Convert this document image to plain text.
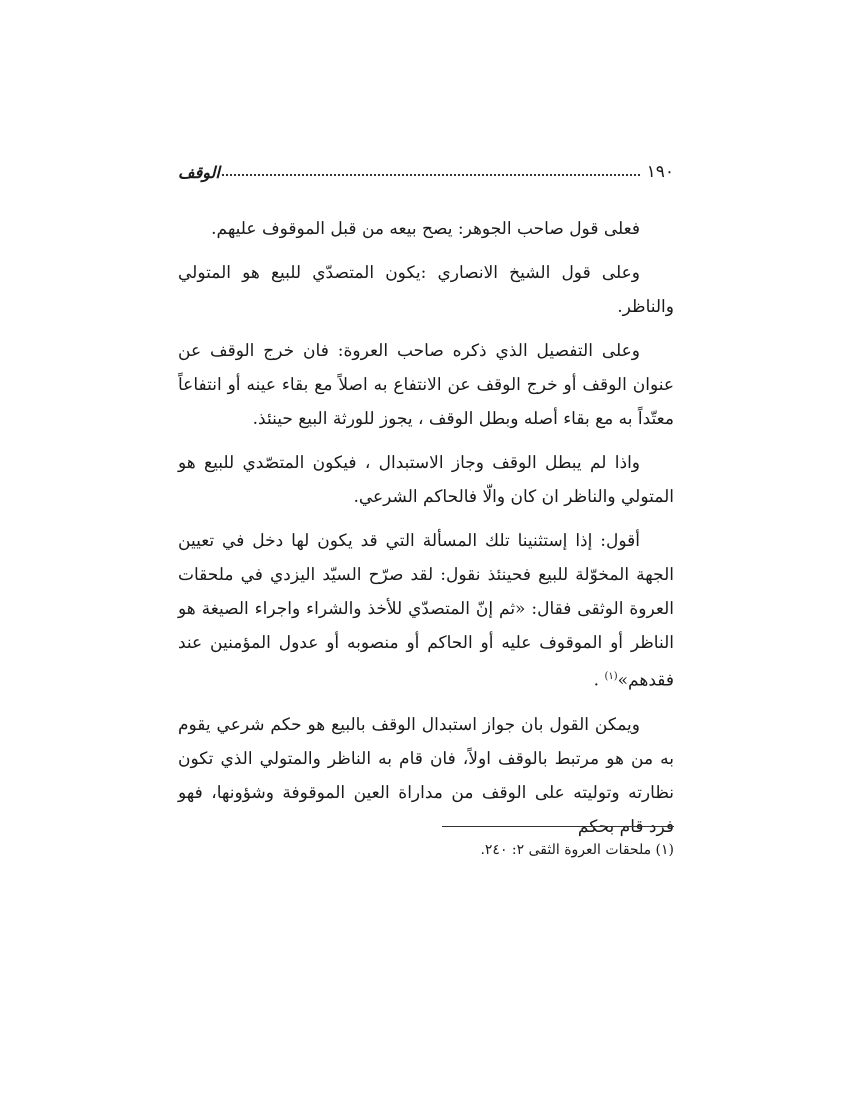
الوقف	١٩٠

فعلى قول صاحب الجوهر: يصح بيعه من قبل الموقوف عليهم.

وعلى قول الشيخ الانصاري :يكون المتصدّي للبيع هو المتولي والناظر.

وعلى التفصيل الذي ذكره صاحب العروة: فان خرج الوقف عن عنوان الوقف أو خرج الوقف عن الانتفاع به اصلاً مع بقاء عينه أو انتفاعاً معتّداً به مع بقاء أصله وبطل الوقف ، يجوز للورثة البيع حينئذ.

واذا لم يبطل الوقف وجاز الاستبدال ، فيكون المتصّدي للبيع هو المتولي والناظر ان كان والّا فالحاكم الشرعي.

أقول: إذا إستثنينا تلك المسألة التي قد يكون لها دخل في تعيين الجهة المخوّلة للبيع فحينئذ نقول: لقد صرّح السيّد اليزدي في ملحقات العروة الوثقى فقال: «ثم إنّ المتصدّي للأخذ والشراء واجراء الصيغة هو الناظر أو الموقوف عليه أو الحاكم أو منصوبه أو عدول المؤمنين عند فقدهم»$^{(١)}$ .

ويمكن القول بان جواز استبدال الوقف بالبيع هو حكم شرعي يقوم به من هو مرتبط بالوقف اولاً، فان قام به الناظر والمتولي الذي تكون نظارته وتوليته على الوقف من مداراة العين الموقوفة وشؤونها، فهو فرد قام بحكم

(١) ملحقات العروة الثقى ٢: ٢٤٠.
